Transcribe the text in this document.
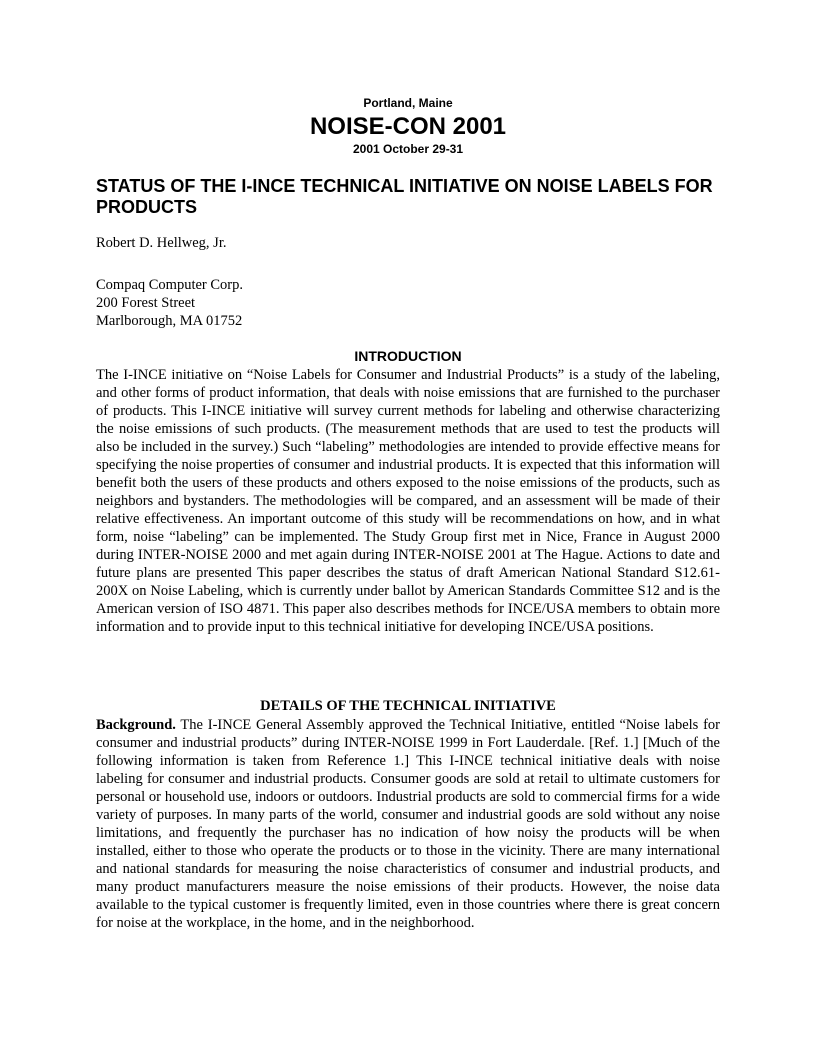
Portland, Maine
NOISE-CON 2001
2001 October 29-31
STATUS OF THE I-INCE TECHNICAL INITIATIVE ON NOISE LABELS FOR PRODUCTS

Robert D. Hellweg, Jr.

Compaq Computer Corp.
200 Forest Street
Marlborough, MA 01752
INTRODUCTION

The I-INCE initiative on “Noise Labels for Consumer and Industrial Products” is a study of the labeling, and other forms of product information, that deals with noise emissions that are furnished to the purchaser of products. This I-INCE initiative will survey current methods for labeling and otherwise characterizing the noise emissions of such products. (The measurement methods that are used to test the products will also be included in the survey.) Such “labeling” methodologies are intended to provide effective means for specifying the noise properties of consumer and industrial products. It is expected that this information will benefit both the users of these products and others exposed to the noise emissions of the products, such as neighbors and bystanders. The methodologies will be compared, and an assessment will be made of their relative effectiveness. An important outcome of this study will be recommendations on how, and in what form, noise “labeling” can be implemented. The Study Group first met in Nice, France in August 2000 during INTER-NOISE 2000 and met again during INTER-NOISE 2001 at The Hague. Actions to date and future plans are presented This paper describes the status of draft American National Standard S12.61-200X on Noise Labeling, which is currently under ballot by American Standards Committee S12 and is the American version of ISO 4871. This paper also describes methods for INCE/USA members to obtain more information and to provide input to this technical initiative for developing INCE/USA positions.

DETAILS OF THE TECHNICAL INITIATIVE

Background. The I-INCE General Assembly approved the Technical Initiative, entitled “Noise labels for consumer and industrial products” during INTER-NOISE 1999 in Fort Lauderdale. [Ref. 1.] [Much of the following information is taken from Reference 1.] This I-INCE technical initiative deals with noise labeling for consumer and industrial products. Consumer goods are sold at retail to ultimate customers for personal or household use, indoors or outdoors. Industrial products are sold to commercial firms for a wide variety of purposes. In many parts of the world, consumer and industrial goods are sold without any noise limitations, and frequently the purchaser has no indication of how noisy the products will be when installed, either to those who operate the products or to those in the vicinity. There are many international and national standards for measuring the noise characteristics of consumer and industrial products, and many product manufacturers measure the noise emissions of their products. However, the noise data available to the typical customer is frequently limited, even in those countries where there is great concern for noise at the workplace, in the home, and in the neighborhood.
